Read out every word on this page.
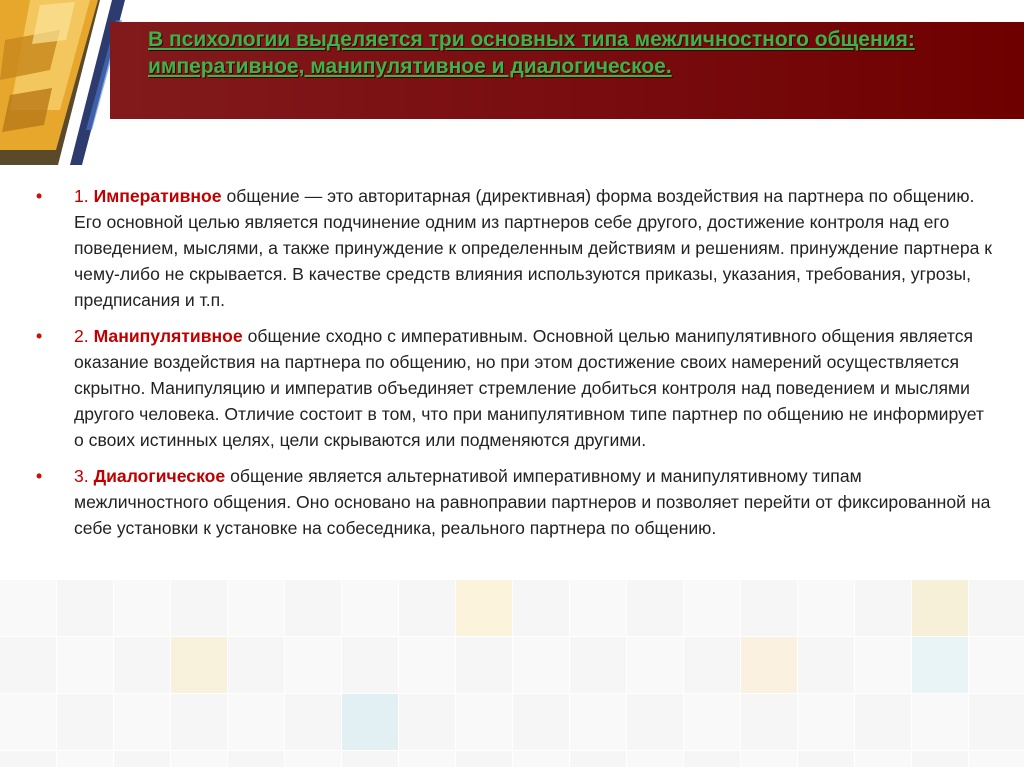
В психологии выделяется три основных типа межличностного общения: императивное, манипулятивное и диалогическое.
• 1. Императивное общение — это авторитарная (директивная) форма воздействия на партнера по общению. Его основной целью является подчинение одним из партнеров себе другого, достижение контроля над его поведением, мыслями, а также принуждение к определенным действиям и решениям. принуждение партнера к чему-либо не скрывается. В качестве средств влияния используются приказы, указания, требования, угрозы, предписания и т.п.
• 2. Манипулятивное общение сходно с императивным. Основной целью манипулятивного общения является оказание воздействия на партнера по общению, но при этом достижение своих намерений осуществляется скрытно. Манипуляцию и императив объединяет стремление добиться контроля над поведением и мыслями другого человека. Отличие состоит в том, что при манипулятивном типе партнер по общению не информирует о своих истинных целях, цели скрываются или подменяются другими.
• 3. Диалогическое общение является альтернативой императивному и манипулятивному типам межличностного общения. Оно основано на равноправии партнеров и позволяет перейти от фиксированной на себе установки к установке на собеседника, реального партнера по общению.
